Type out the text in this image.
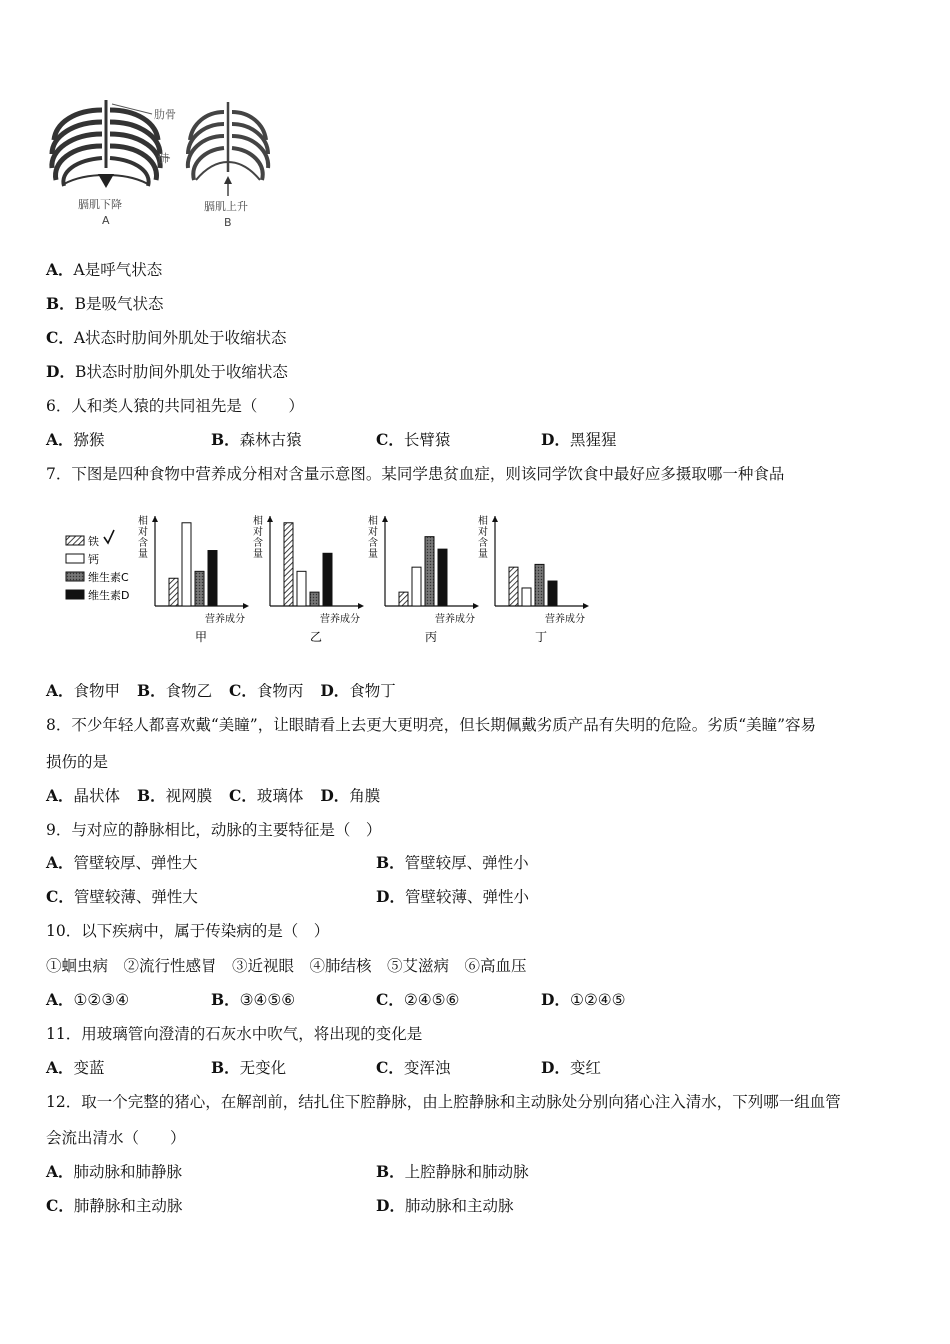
肋骨
肺
膈肌下降
A
膈肌上升
B
A．A是呼气状态
B．B是吸气状态
C．A状态时肋间外肌处于收缩状态
D．B状态时肋间外肌处于收缩状态
6．人和类人猿的共同祖先是（　　）
A．猕猴	B．森林古猿	C．长臂猿	D．黑猩猩
7．下图是四种食物中营养成分相对含量示意图。某同学患贫血症，则该同学饮食中最好应多摄取哪一种食品
铁
钙
维生素C
维生素D
相
对
含
量
营养成分
甲
相
对
含
量
营养成分
乙
相
对
含
量
营养成分
丙
相
对
含
量
营养成分
丁
A．食物甲 B．食物乙 C．食物丙 D．食物丁
8．不少年轻人都喜欢戴“美瞳”，让眼睛看上去更大更明亮，但长期佩戴劣质产品有失明的危险。劣质“美瞳”容易
损伤的是
A．晶状体 B．视网膜 C．玻璃体 D．角膜
9．与对应的静脉相比，动脉的主要特征是（　）
A．管壁较厚、弹性大	B．管壁较厚、弹性小
C．管壁较薄、弹性大	D．管壁较薄、弹性小
10．以下疾病中，属于传染病的是（　）
①蛔虫病　②流行性感冒　③近视眼　④肺结核　⑤艾滋病　⑥高血压
A．①②③④	B．③④⑤⑥	C．②④⑤⑥	D．①②④⑤
11．用玻璃管向澄清的石灰水中吹气，将出现的变化是
A．变蓝	B．无变化	C．变浑浊	D．变红
12．取一个完整的猪心，在解剖前，结扎住下腔静脉，由上腔静脉和主动脉处分别向猪心注入清水，下列哪一组血管
会流出清水（　　）
A．肺动脉和肺静脉	B．上腔静脉和肺动脉
C．肺静脉和主动脉	D．肺动脉和主动脉
